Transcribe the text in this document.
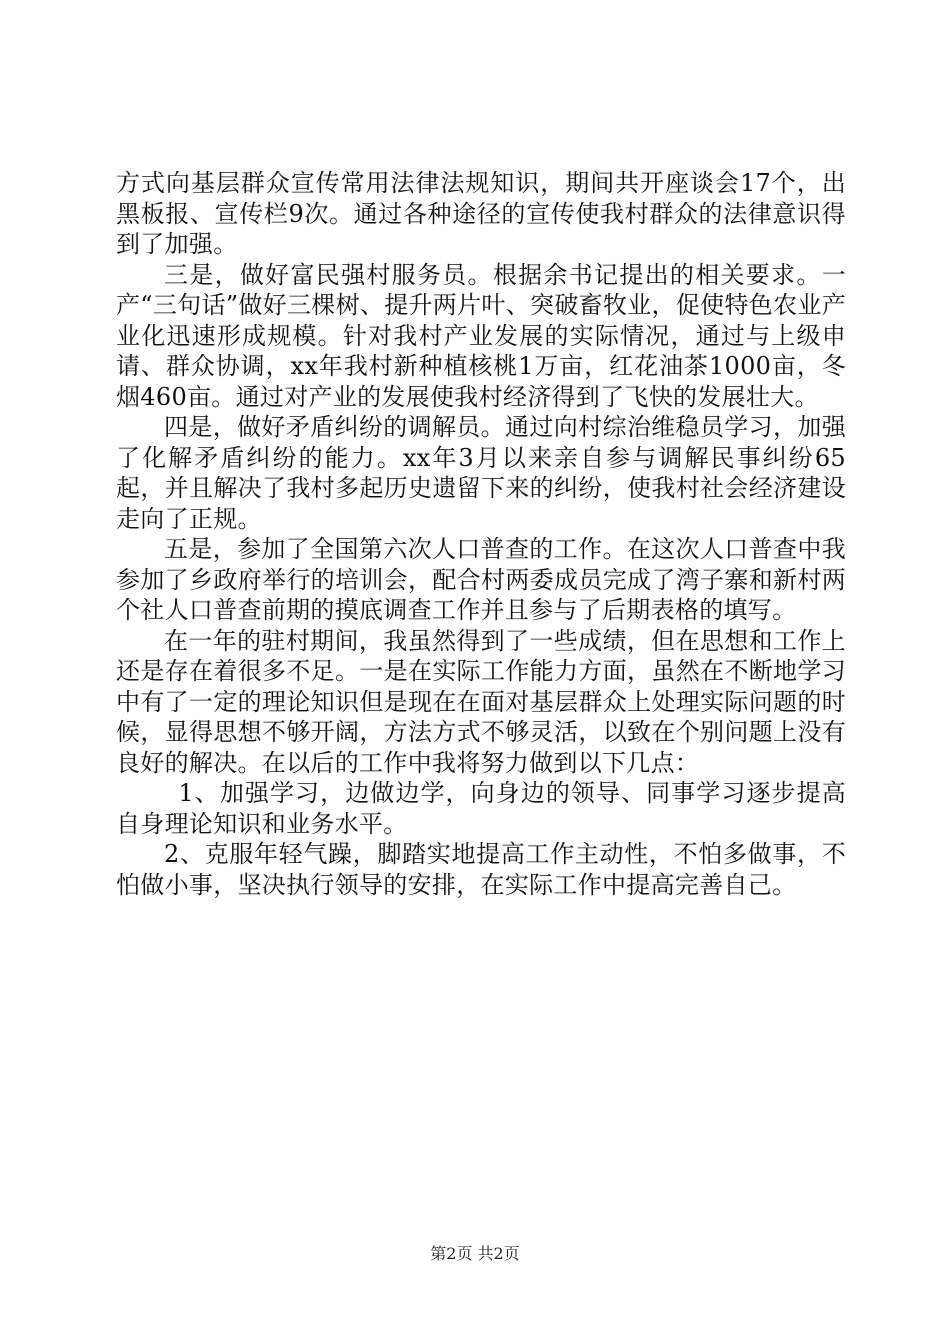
方式向基层群众宣传常用法律法规知识，期间共开座谈会17个，出黑板报、宣传栏9次。通过各种途径的宣传使我村群众的法律意识得到了加强。

三是，做好富民强村服务员。根据余书记提出的相关要求。一产“三句话”做好三棵树、提升两片叶、突破畜牧业，促使特色农业产业化迅速形成规模。针对我村产业发展的实际情况，通过与上级申请、群众协调，xx年我村新种植核桃1万亩，红花油茶1000亩，冬烟460亩。通过对产业的发展使我村经济得到了飞快的发展壮大。

四是，做好矛盾纠纷的调解员。通过向村综治维稳员学习，加强了化解矛盾纠纷的能力。xx年3月以来亲自参与调解民事纠纷65起，并且解决了我村多起历史遗留下来的纠纷，使我村社会经济建设走向了正规。

五是，参加了全国第六次人口普查的工作。在这次人口普查中我参加了乡政府举行的培训会，配合村两委成员完成了湾子寨和新村两个社人口普查前期的摸底调查工作并且参与了后期表格的填写。

在一年的驻村期间，我虽然得到了一些成绩，但在思想和工作上还是存在着很多不足。一是在实际工作能力方面，虽然在不断地学习中有了一定的理论知识但是现在在面对基层群众上处理实际问题的时候，显得思想不够开阔，方法方式不够灵活，以致在个别问题上没有良好的解决。在以后的工作中我将努力做到以下几点：

1、加强学习，边做边学，向身边的领导、同事学习逐步提高自身理论知识和业务水平。

2、克服年轻气躁，脚踏实地提高工作主动性，不怕多做事，不怕做小事，坚决执行领导的安排，在实际工作中提高完善自己。

第2页 共2页
